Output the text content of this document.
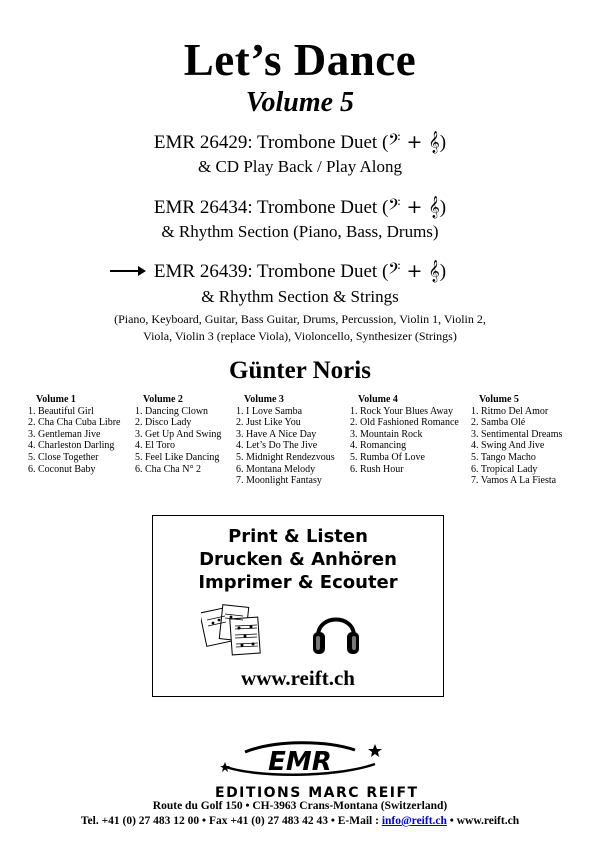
Let’s Dance
Volume 5
EMR 26429: Trombone Duet (𝄢 + 𝄞)
& CD Play Back / Play Along
EMR 26434: Trombone Duet (𝄢 + 𝄞)
& Rhythm Section (Piano, Bass, Drums)
EMR 26439: Trombone Duet (𝄢 + 𝄞)
& Rhythm Section & Strings
(Piano, Keyboard, Guitar, Bass Guitar, Drums, Percussion, Violin 1, Violin 2,
Viola, Violin 3 (replace Viola), Violoncello, Synthesizer (Strings)
Günter Noris
Volume 1
1. Beautiful Girl
2. Cha Cha Cuba Libre
3. Gentleman Jive
4. Charleston Darling
5. Close Together
6. Coconut Baby
Volume 2
1. Dancing Clown
2. Disco Lady
3. Get Up And Swing
4. El Toro
5. Feel Like Dancing
6. Cha Cha N° 2
Volume 3
1. I Love Samba
2. Just Like You
3. Have A Nice Day
4. Let’s Do The Jive
5. Midnight Rendezvous
6. Montana Melody
7. Moonlight Fantasy
Volume 4
1. Rock Your Blues Away
2. Old Fashioned Romance
3. Mountain Rock
4. Romancing
5. Rumba Of Love
6. Rush Hour
Volume 5
1. Ritmo Del Amor
2. Samba Olé
3. Sentimental Dreams
4. Swing And Jive
5. Tango Macho
6. Tropical Lady
7. Vamos A La Fiesta
Print & Listen
Drucken & Anhören
Imprimer & Ecouter
www.reift.ch
EMR
EDITIONS MARC REIFT
Route du Golf 150 • CH-3963 Crans-Montana (Switzerland)
Tel. +41 (0) 27 483 12 00 • Fax +41 (0) 27 483 42 43 • E-Mail : info@reift.ch • www.reift.ch
